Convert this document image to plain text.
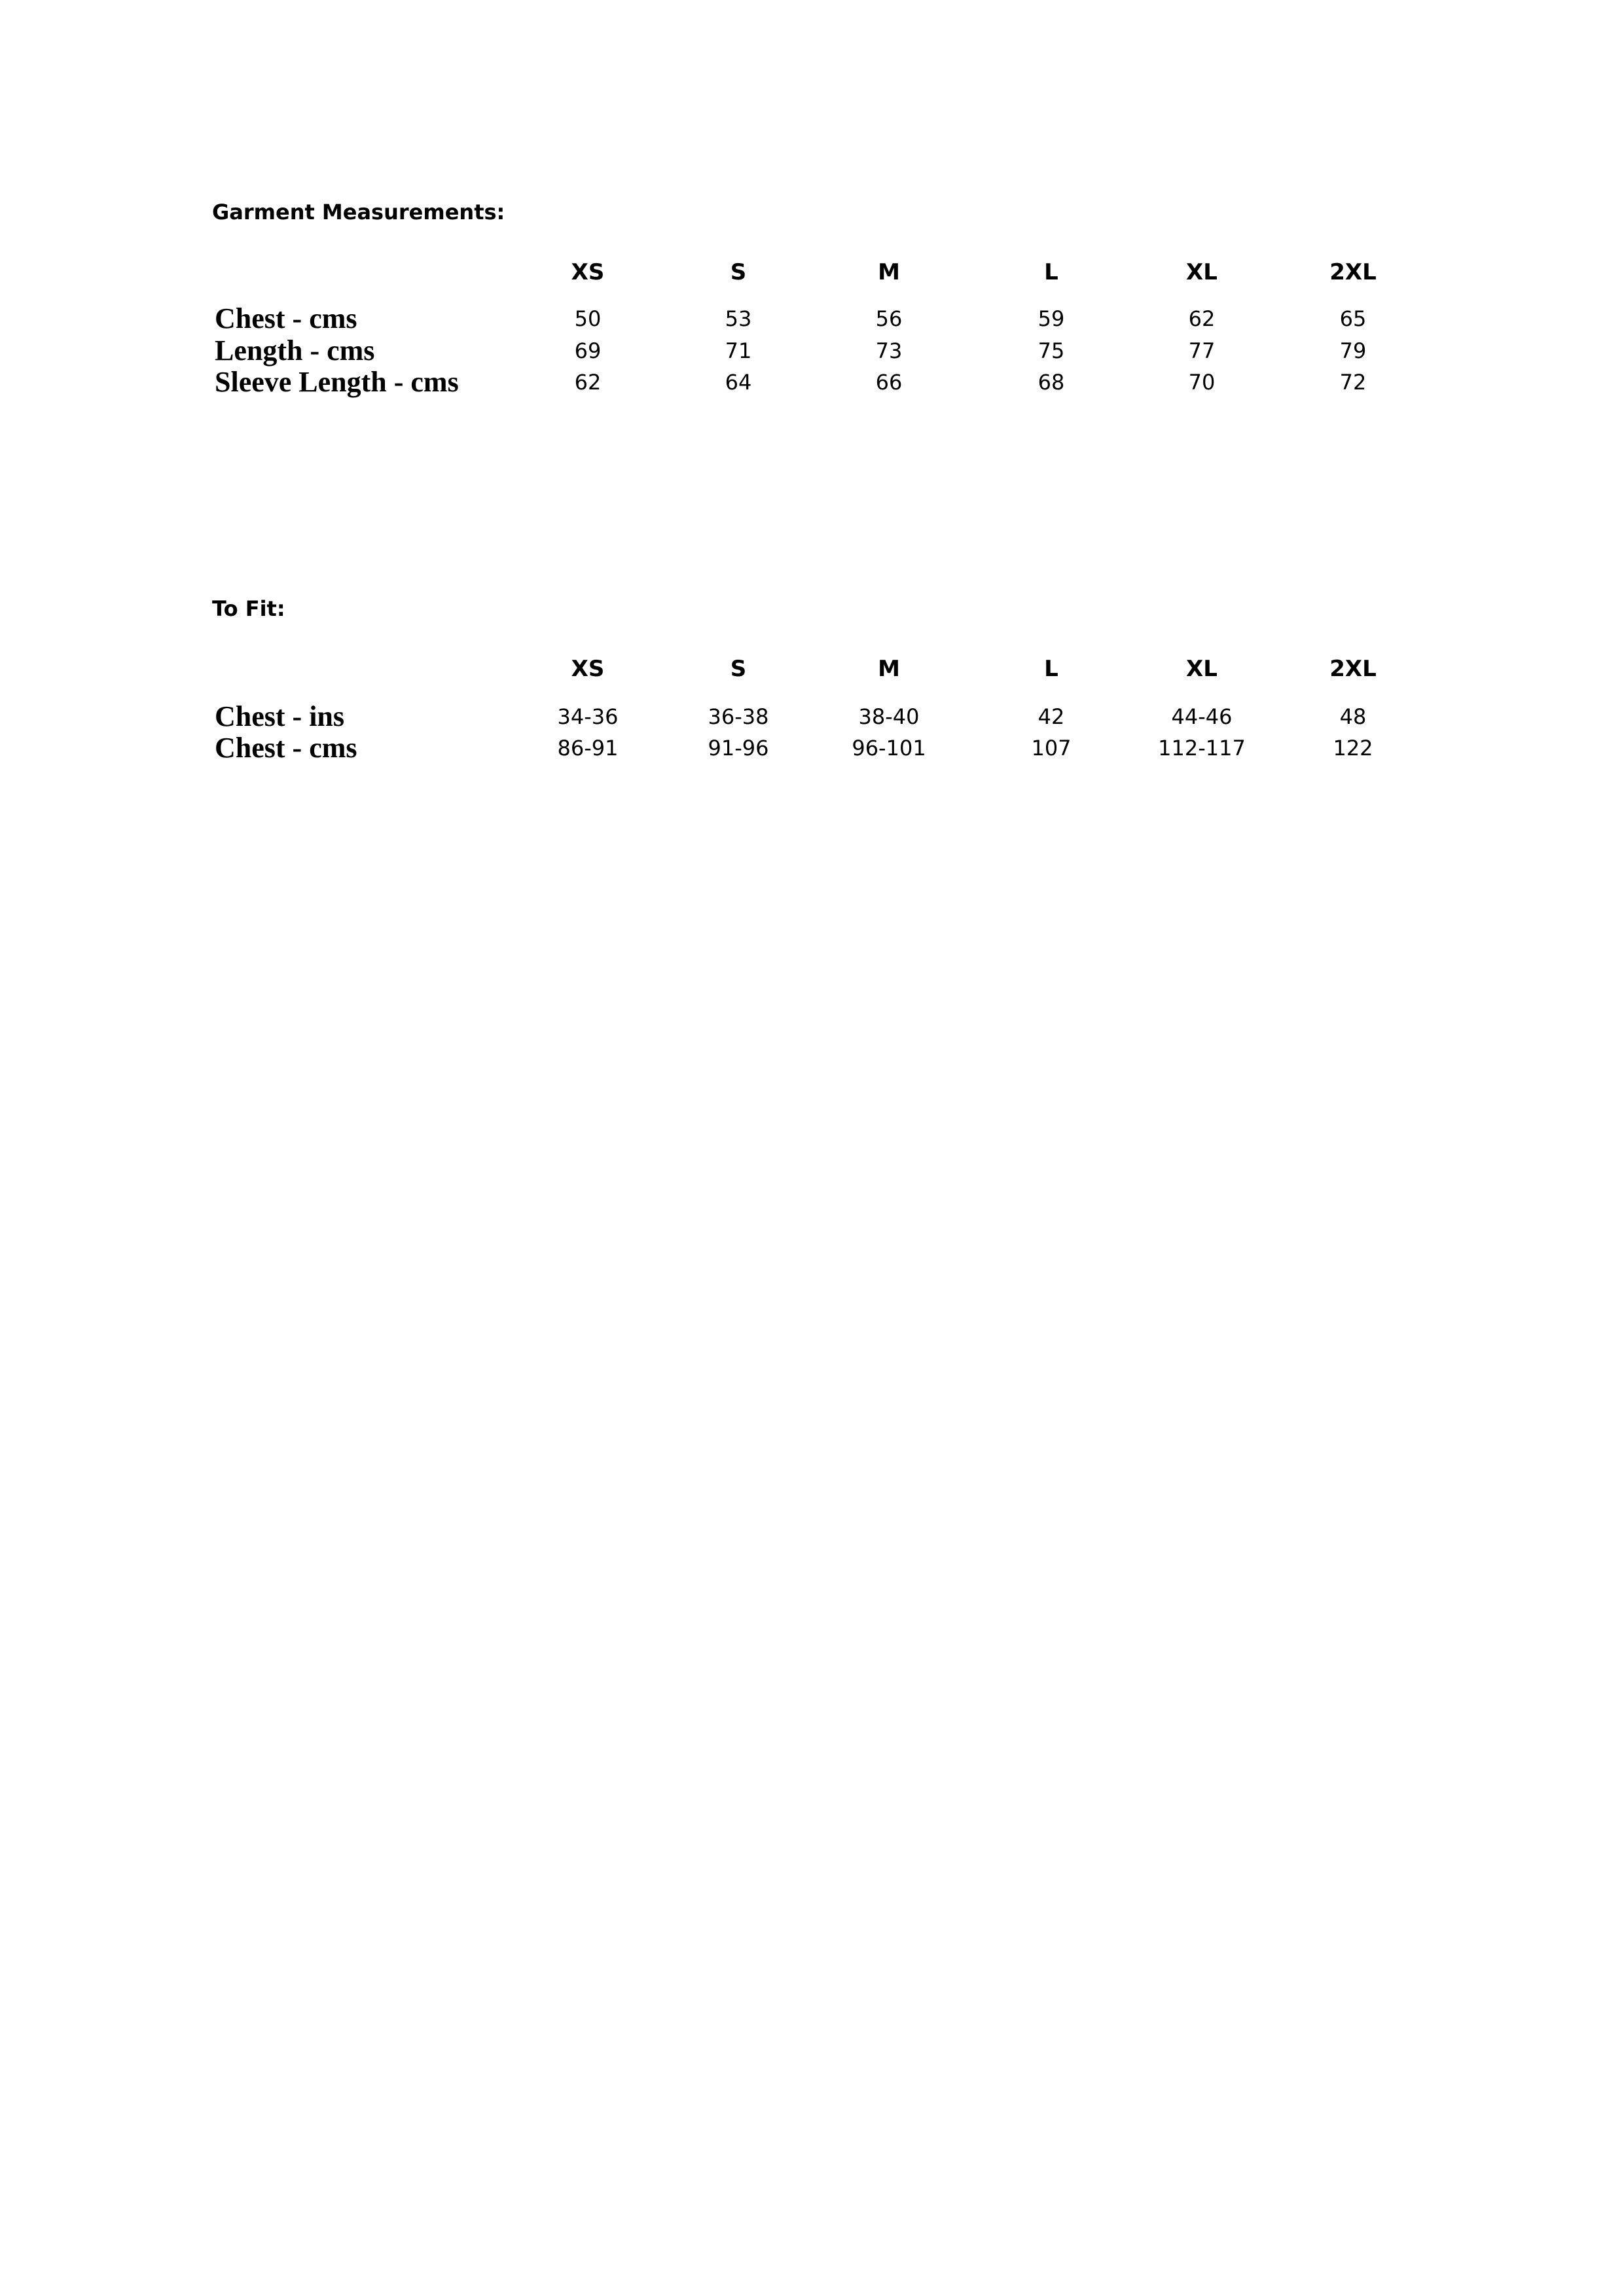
Garment Measurements:
XS	S	M	L	XL	2XL
Chest - cms	50	53	56	59	62	65
Length - cms	69	71	73	75	77	79
Sleeve Length - cms	62	64	66	68	70	72
To Fit:
XS	S	M	L	XL	2XL
Chest - ins	34-36	36-38	38-40	42	44-46	48
Chest - cms	86-91	91-96	96-101	107	112-117	122
